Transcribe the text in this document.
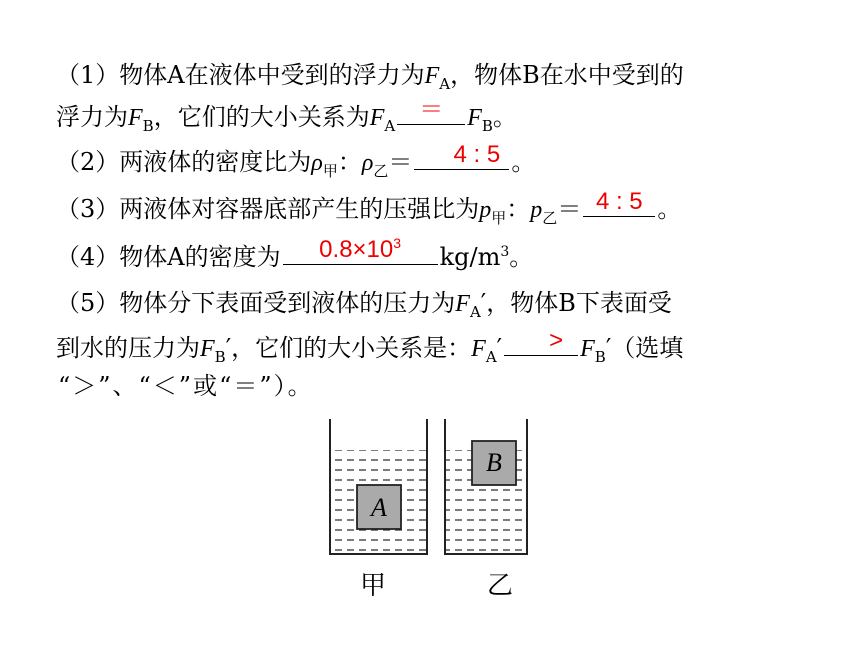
（1）物体A在液体中受到的浮力为$F_A$，物体B在水中受到的
浮力为$F_B$，它们的大小关系为$F_A$
＝	$F_B$。
（2）两液体的密度比为$\rho_甲$：$\rho_乙=$	4 : 5 。
（3）两液体对容器底部产生的压强比为$p_甲$：$p_乙= 4$ : 5 。
（4）物体A的密度为	$0.8\times 10^3$	$kg/m^3$。
（5）物体分下表面受到液体的压力为$F_A'$，物体B下表面受
到水的压力为$F_B'$，它们的大小关系是：$F_A'$	> $F_B'$（选填
“＞”、“＜”或“＝”）。
A
B
甲	乙
